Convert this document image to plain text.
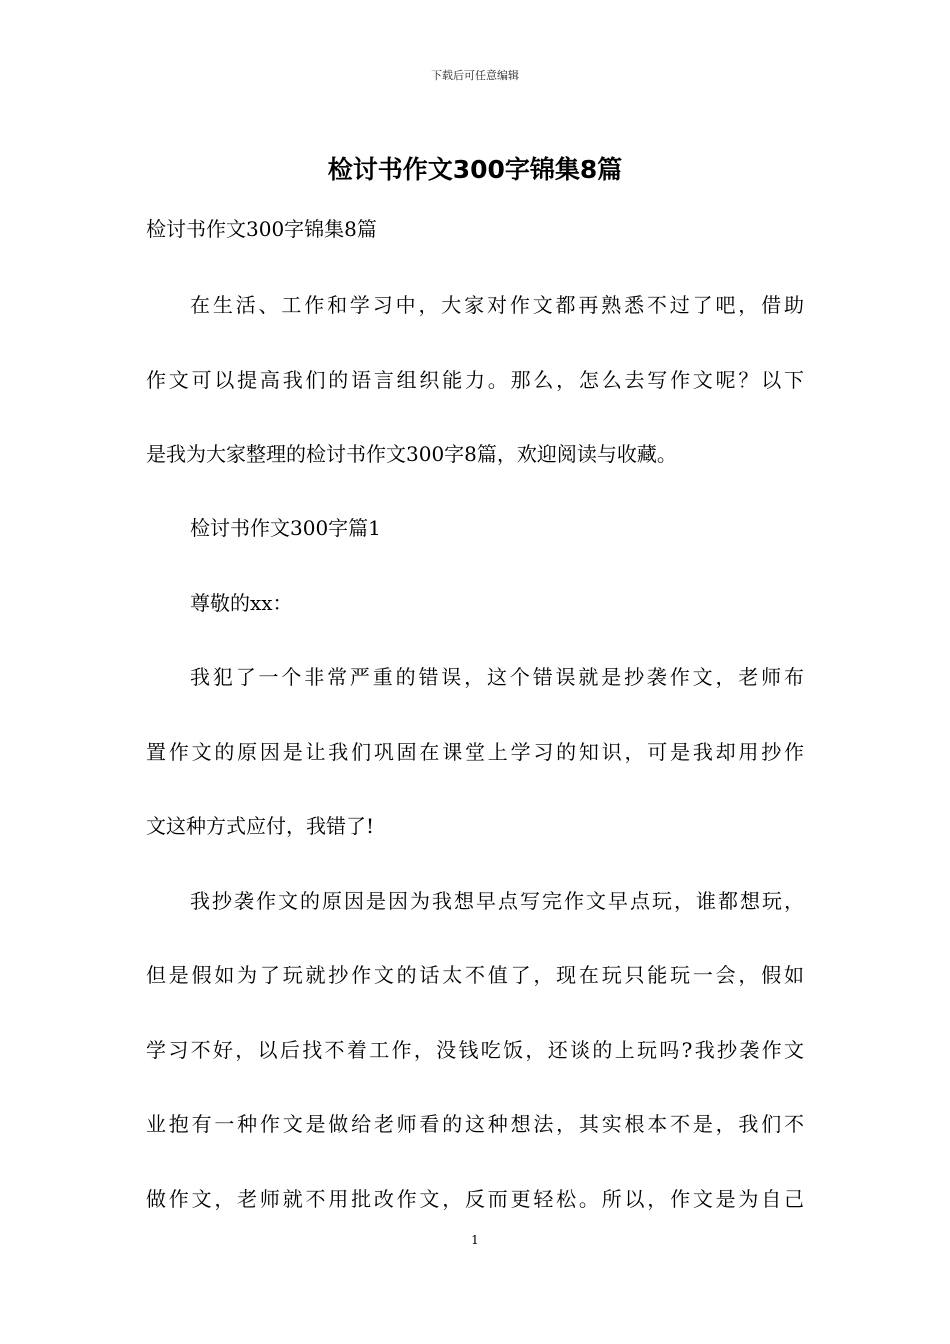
下载后可任意编辑
检讨书作文300字锦集8篇
检讨书作文300字锦集8篇
在生活、工作和学习中，大家对作文都再熟悉不过了吧，借助
作文可以提高我们的语言组织能力。那么，怎么去写作文呢？以下
是我为大家整理的检讨书作文300字8篇，欢迎阅读与收藏。
检讨书作文300字篇1
尊敬的xx：
我犯了一个非常严重的错误，这个错误就是抄袭作文，老师布
置作文的原因是让我们巩固在课堂上学习的知识，可是我却用抄作
文这种方式应付，我错了!
我抄袭作文的原因是因为我想早点写完作文早点玩，谁都想玩，
但是假如为了玩就抄作文的话太不值了，现在玩只能玩一会，假如
学习不好，以后找不着工作，没钱吃饭，还谈的上玩吗?我抄袭作文
业抱有一种作文是做给老师看的这种想法，其实根本不是，我们不
做作文，老师就不用批改作文，反而更轻松。所以，作文是为自己
1
